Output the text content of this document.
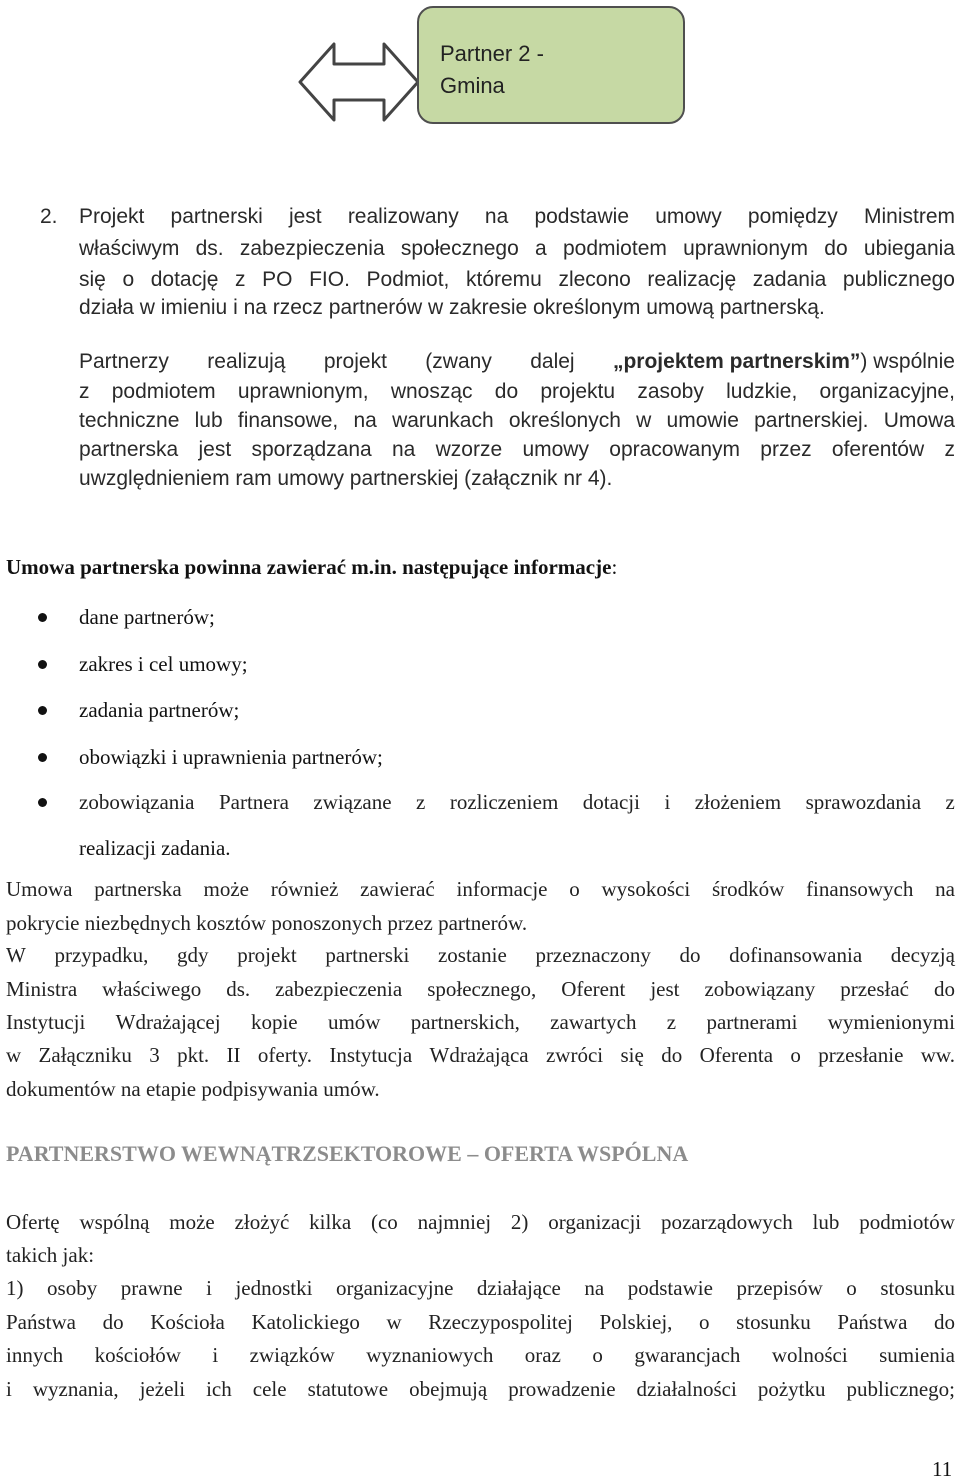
Partner 2 -
Gmina
2. Projekt partnerski jest realizowany na podstawie umowy pomiędzy Ministrem
właściwym ds. zabezpieczenia społecznego a podmiotem uprawnionym do ubiegania
się o dotację z PO FIO. Podmiot, któremu zlecono realizację zadania publicznego
działa w imieniu i na rzecz partnerów w zakresie określonym umową partnerską.
Partnerzy realizują projekt (zwany dalej „projektem partnerskim”) wspólnie
z podmiotem uprawnionym, wnosząc do projektu zasoby ludzkie, organizacyjne,
techniczne lub finansowe, na warunkach określonych w umowie partnerskiej. Umowa
partnerska jest sporządzana na wzorze umowy opracowanym przez oferentów z
uwzględnieniem ram umowy partnerskiej (załącznik nr 4).
Umowa partnerska powinna zawierać m.in. następujące informacje:
dane partnerów;
zakres i cel umowy;
zadania partnerów;
obowiązki i uprawnienia partnerów;
zobowiązania Partnera związane z rozliczeniem dotacji i złożeniem sprawozdania z
realizacji zadania.
Umowa partnerska może również zawierać informacje o wysokości środków finansowych na
pokrycie niezbędnych kosztów ponoszonych przez partnerów.
W przypadku, gdy projekt partnerski zostanie przeznaczony do dofinansowania decyzją
Ministra właściwego ds. zabezpieczenia społecznego, Oferent jest zobowiązany przesłać do
Instytucji Wdrażającej kopie umów partnerskich, zawartych z partnerami wymienionymi
w Załączniku 3 pkt. II oferty. Instytucja Wdrażająca zwróci się do Oferenta o przesłanie ww.
dokumentów na etapie podpisywania umów.
PARTNERSTWO WEWNĄTRZSEKTOROWE – OFERTA WSPÓLNA
Ofertę wspólną może złożyć kilka (co najmniej 2) organizacji pozarządowych lub podmiotów
takich jak:
1) osoby prawne i jednostki organizacyjne działające na podstawie przepisów o stosunku
Państwa do Kościoła Katolickiego w Rzeczypospolitej Polskiej, o stosunku Państwa do
innych kościołów i związków wyznaniowych oraz o gwarancjach wolności sumienia
i wyznania, jeżeli ich cele statutowe obejmują prowadzenie działalności pożytku publicznego;
11
